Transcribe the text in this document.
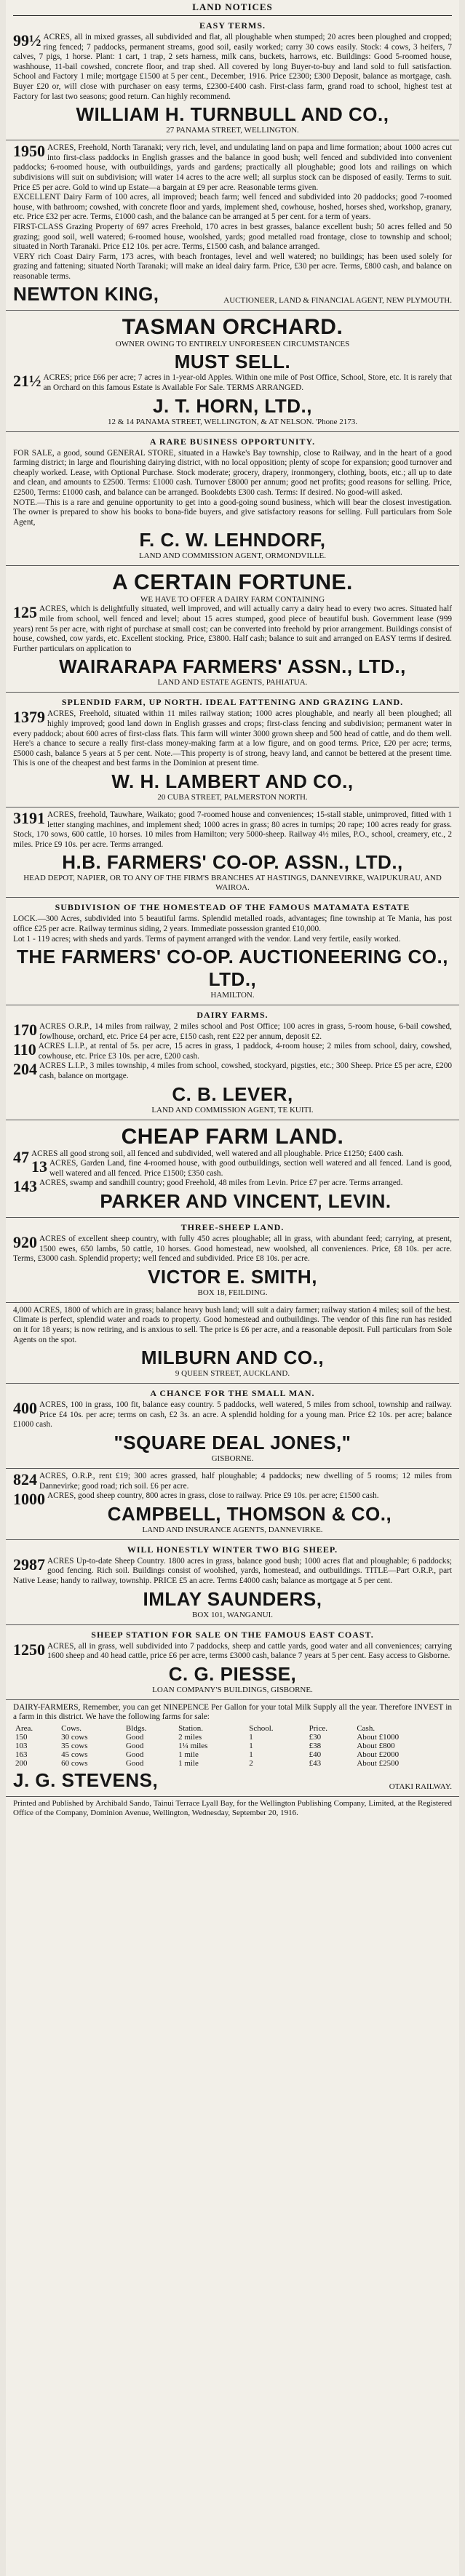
LAND NOTICES
EASY TERMS.

99½ ACRES, all in mixed grasses, all subdivided and flat, all ploughable when stumped; 20 acres been ploughed and cropped; ring fenced; 7 paddocks, permanent streams, good soil, easily worked; carry 30 cows easily. Stock: 4 cows, 3 heifers, 7 calves, 7 pigs, 1 horse. Plant: 1 cart, 1 trap, 2 sets harness, milk cans, buckets, harrows, etc. Buildings: Good 5-roomed house, washhouse, 11-bail cowshed, concrete floor, and trap shed. All covered by long Buyer-to-buy and land sold to full satisfaction. School and Factory 1 mile; mortgage £1500 at 5 per cent., December, 1916. Price £2300; £300 Deposit, balance as mortgage, cash. Buyer £20 or, will close with purchaser on easy terms, £2300-£400 cash. First-class farm, grand road to school, highest test at Factory for last two seasons; good return. Can highly recommend.

WILLIAM H. TURNBULL AND CO.,
27 PANAMA STREET, WELLINGTON.

1950 ACRES, Freehold, North Taranaki; very rich, level, and undulating land on papa and lime formation; about 1000 acres cut into first-class paddocks in English grasses and the balance in good bush; well fenced and subdivided into convenient paddocks; 6-roomed house, with outbuildings, yards and gardens; practically all ploughable; good lots and railings on which subdivisions will suit on subdivision; will water 14 acres to the acre well; all surplus stock can be disposed of easily. Terms to suit. Price £5 per acre. Gold to wind up Estate—a bargain at £9 per acre. Reasonable terms given.

EXCELLENT Dairy Farm of 100 acres, all improved; beach farm; well fenced and subdivided into 20 paddocks; good 7-roomed house, with bathroom; cowshed, with concrete floor and yards, implement shed, cowhouse, hoshed, horses shed, workshop, granary, etc. Price £32 per acre. Terms, £1000 cash, and the balance can be arranged at 5 per cent. for a term of years.

FIRST-CLASS Grazing Property of 697 acres Freehold, 170 acres in best grasses, balance excellent bush; 50 acres felled and 50 grazing; good soil, well watered; 6-roomed house, woolshed, yards; good metalled road frontage, close to township and school; situated in North Taranaki. Price £12 10s. per acre. Terms, £1500 cash, and balance arranged.

VERY rich Coast Dairy Farm, 173 acres, with beach frontages, level and well watered; no buildings; has been used solely for grazing and fattening; situated North Taranaki; will make an ideal dairy farm. Price, £30 per acre. Terms, £800 cash, and balance on reasonable terms.

NEWTON KING,	AUCTIONEER, LAND & FINANCIAL AGENT, NEW PLYMOUTH.
TASMAN ORCHARD.
OWNER OWING TO ENTIRELY UNFORESEEN CIRCUMSTANCES
MUST SELL.

21½ ACRES; price £66 per acre; 7 acres in 1-year-old Apples. Within one mile of Post Office, School, Store, etc. It is rarely that an Orchard on this famous Estate is Available For Sale. TERMS ARRANGED.

J. T. HORN, LTD.,
12 & 14 PANAMA STREET, WELLINGTON, & AT NELSON. 'Phone 2173.
A RARE BUSINESS OPPORTUNITY.

FOR SALE, a good, sound GENERAL STORE, situated in a Hawke's Bay township, close to Railway, and in the heart of a good farming district; in large and flourishing dairying district, with no local opposition; plenty of scope for expansion; good turnover and cheaply worked. Lease, with Optional Purchase. Stock moderate; grocery, drapery, ironmongery, clothing, boots, etc.; all up to date and clean, and amounts to £2500. Terms: £1000 cash. Turnover £8000 per annum; good net profits; good reasons for selling. Price, £2500, Terms: £1000 cash, and balance can be arranged. Bookdebts £300 cash. Terms: If desired. No good-will asked.

NOTE.—This is a rare and genuine opportunity to get into a good-going sound business, which will bear the closest investigation. The owner is prepared to show his books to bona-fide buyers, and give satisfactory reasons for selling. Full particulars from Sole Agent,

F. C. W. LEHNDORF,
LAND AND COMMISSION AGENT, ORMONDVILLE.
A CERTAIN FORTUNE.
WE HAVE TO OFFER A DAIRY FARM CONTAINING

125 ACRES, which is delightfully situated, well improved, and will actually carry a dairy head to every two acres. Situated half mile from school, well fenced and level; about 15 acres stumped, good piece of beautiful bush. Government lease (999 years) rent 5s per acre, with right of purchase at small cost; can be converted into freehold by prior arrangement. Buildings consist of house, cowshed, cow yards, etc. Excellent stocking. Price, £3800. Half cash; balance to suit and arranged on EASY terms if desired. Further particulars on application to

WAIRARAPA FARMERS' ASSN., LTD.,
LAND AND ESTATE AGENTS, PAHIATUA.
SPLENDID FARM, UP NORTH. IDEAL FATTENING AND GRAZING LAND.

1379 ACRES, Freehold, situated within 11 miles railway station; 1000 acres ploughable, and nearly all been ploughed; all highly improved; good land down in English grasses and crops; first-class fencing and subdivision; permanent water in every paddock; about 600 acres of first-class flats. This farm will winter 3000 grown sheep and 500 head of cattle, and do them well. Here's a chance to secure a really first-class money-making farm at a low figure, and on good terms. Price, £20 per acre; terms, £5000 cash, balance 5 years at 5 per cent. Note.—This property is of strong, heavy land, and cannot be bettered at the present time. This is one of the cheapest and best farms in the Dominion at present time.

W. H. LAMBERT AND CO.,
20 CUBA STREET, PALMERSTON NORTH.

3191 ACRES, freehold, Tauwhare, Waikato; good 7-roomed house and conveniences; 15-stall stable, unimproved, fitted with 1 letter stanging machines, and implement shed; 1000 acres in grass; 80 acres in turnips; 20 rape; 100 acres ready for grass. Stock, 170 sows, 600 cattle, 10 horses. 10 miles from Hamilton; very 5000-sheep. Railway 4½ miles, P.O., school, creamery, etc., 2 miles. Price £9 10s. per acre. Terms arranged.

H.B. FARMERS' CO-OP. ASSN., LTD.,
HEAD DEPOT, NAPIER, OR TO ANY OF THE FIRM'S BRANCHES AT HASTINGS, DANNEVIRKE, WAIPUKURAU, AND WAIROA.
SUBDIVISION OF THE HOMESTEAD OF THE FAMOUS MATAMATA ESTATE

LOCK.—300 Acres, subdivided into 5 beautiful farms. Splendid metalled roads, advantages; fine township at Te Mania, has post office £25 per acre. Railway terminus siding, 2 years. Immediate possession granted £10,000.

Lot 1 - 119 acres; with sheds and yards. Terms of payment arranged with the vendor. Land very fertile, easily worked.

THE FARMERS' CO-OP. AUCTIONEERING CO., LTD.,
HAMILTON.
DAIRY FARMS.

170 ACRES O.R.P., 14 miles from railway, 2 miles school and Post Office; 100 acres in grass, 5-room house, 6-bail cowshed, fowlhouse, orchard, etc. Price £4 per acre, £150 cash, rent £22 per annum, deposit £2.

110 ACRES L.I.P., at rental of 5s. per acre, 15 acres in grass, 1 paddock, 4-room house; 2 miles from school, dairy, cowshed, cowhouse, etc. Price £3 10s. per acre, £200 cash.

204 ACRES L.I.P., 3 miles township, 4 miles from school, cowshed, stockyard, pigsties, etc.; 300 Sheep. Price £5 per acre, £200 cash, balance on mortgage.

C. B. LEVER,
LAND AND COMMISSION AGENT, TE KUITI.
CHEAP FARM LAND.

47 ACRES all good strong soil, all fenced and subdivided, well watered and all ploughable. Price £1250; £400 cash.

13 ACRES, Garden Land, fine 4-roomed house, with good outbuildings, section well watered and all fenced. Land is good, well watered and all fenced. Price £1500; £350 cash.

143 ACRES, swamp and sandhill country; good Freehold, 48 miles from Levin. Price £7 per acre. Terms arranged.

PARKER AND VINCENT, LEVIN.
THREE-SHEEP LAND.

920 ACRES of excellent sheep country, with fully 450 acres ploughable; all in grass, with abundant feed; carrying, at present, 1500 ewes, 650 lambs, 50 cattle, 10 horses. Good homestead, new woolshed, all conveniences. Price, £8 10s. per acre. Terms, £3000 cash. Splendid property; well fenced and subdivided. Price £8 10s. per acre.

VICTOR E. SMITH,
BOX 18, FEILDING.

4,000 ACRES, 1800 of which are in grass; balance heavy bush land; will suit a dairy farmer; railway station 4 miles; soil of the best. Climate is perfect, splendid water and roads to property. Good homestead and outbuildings. The vendor of this fine run has resided on it for 18 years; is now retiring, and is anxious to sell. The price is £6 per acre, and a reasonable deposit. Full particulars from Sole Agents on the spot.

MILBURN AND CO.,
9 QUEEN STREET, AUCKLAND.
A CHANCE FOR THE SMALL MAN.

400 ACRES, 100 in grass, 100 fit, balance easy country. 5 paddocks, well watered, 5 miles from school, township and railway. Price £4 10s. per acre; terms on cash, £2 3s. an acre. A splendid holding for a young man. Price £2 10s. per acre; balance £1000 cash.

"SQUARE DEAL JONES,"
GISBORNE.

824 ACRES, O.R.P., rent £19; 300 acres grassed, half ploughable; 4 paddocks; new dwelling of 5 rooms; 12 miles from Dannevirke; good road; rich soil. £6 per acre.

1000 ACRES, good sheep country, 800 acres in grass, close to railway. Price £9 10s. per acre; £1500 cash.

CAMPBELL, THOMSON & CO.,
LAND AND INSURANCE AGENTS, DANNEVIRKE.
WILL HONESTLY WINTER TWO BIG SHEEP.

2987 ACRES Up-to-date Sheep Country. 1800 acres in grass, balance good bush; 1000 acres flat and ploughable; 6 paddocks; good fencing. Rich soil. Buildings consist of woolshed, yards, homestead, and outbuildings. TITLE—Part O.R.P., part Native Lease; handy to railway, township. PRICE £5 an acre. Terms £4000 cash; balance as mortgage at 5 per cent.

IMLAY SAUNDERS,
BOX 101, WANGANUI.
SHEEP STATION FOR SALE ON THE FAMOUS EAST COAST.

1250 ACRES, all in grass, well subdivided into 7 paddocks, sheep and cattle yards, good water and all conveniences; carrying 1600 sheep and 40 head cattle, price £6 per acre, terms £3000 cash, balance 7 years at 5 per cent. Easy access to Gisborne.

C. G. PIESSE,
LOAN COMPANY'S BUILDINGS, GISBORNE.

DAIRY-FARMERS, Remember, you can get NINEPENCE Per Gallon for your total Milk Supply all the year. Therefore INVEST in a farm in this district. We have the following farms for sale:

Area.	Cows.	Bldgs.	Station.	School.	Price.	Cash.
150	30 cows	Good	2 miles	1	£30	About £1000
103	35 cows	Good	1¼ miles	1	£38	About £800
163	45 cows	Good	1 mile	1	£40	About £2000
200	60 cows	Good	1 mile	2	£43	About £2500
J. G. STEVENS,	OTAKI RAILWAY.
Printed and Published by Archibald Sando, Tainui Terrace Lyall Bay, for the Wellington Publishing Company, Limited, at the Registered Office of the Company, Dominion Avenue, Wellington, Wednesday, September 20, 1916.
